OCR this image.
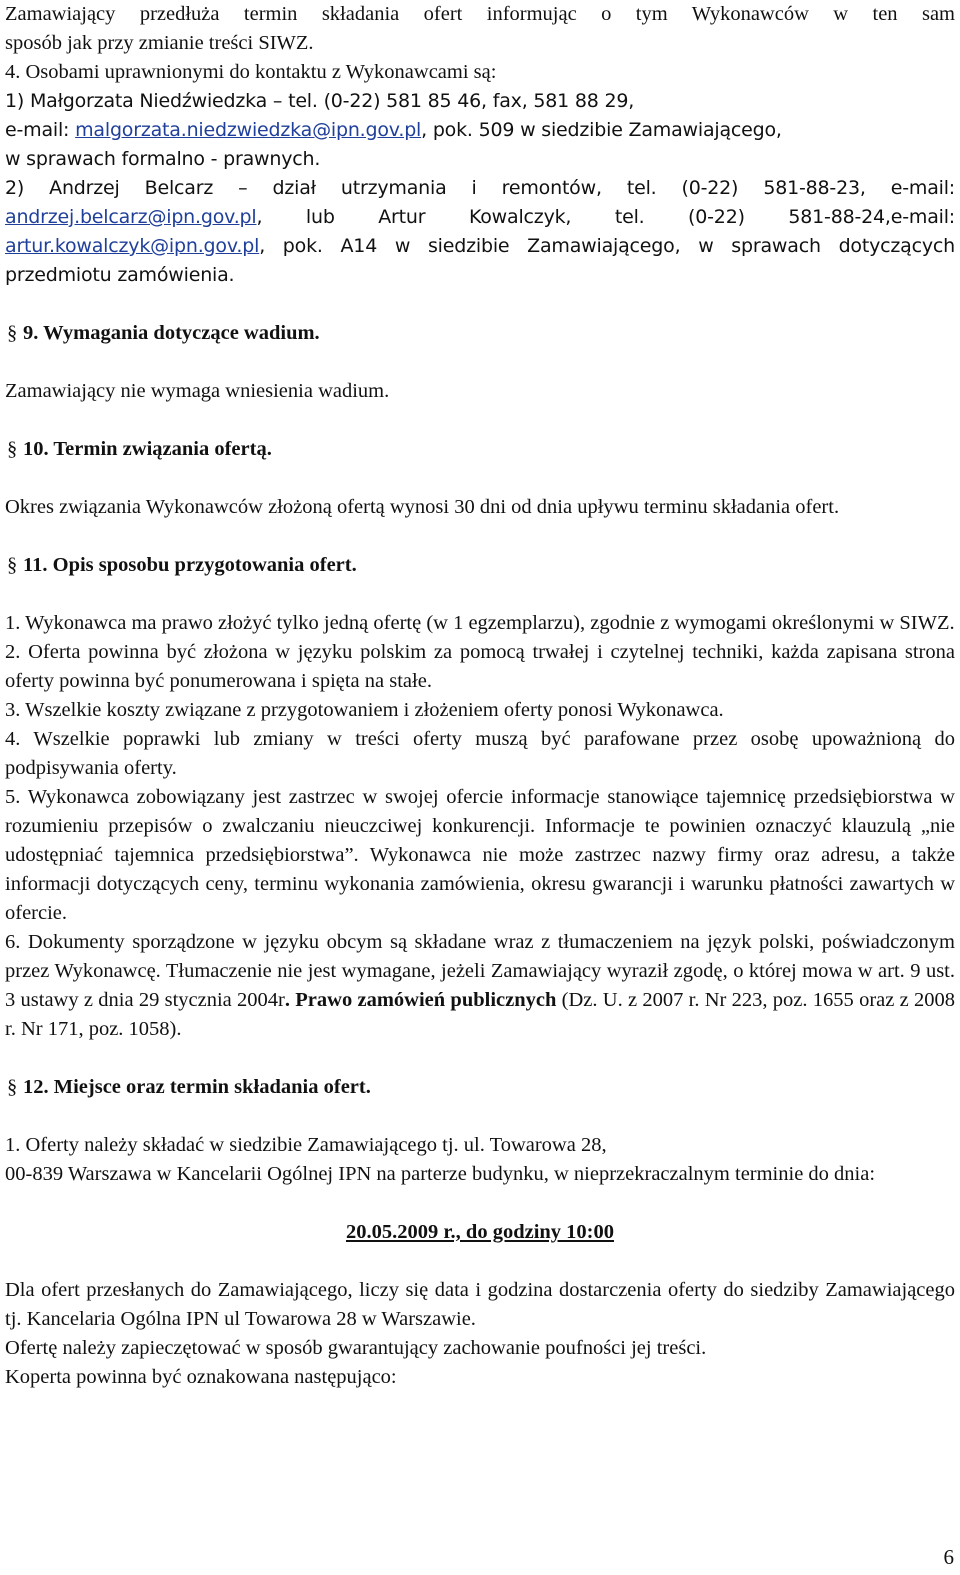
Zamawiający przedłuża termin składania ofert informując o tym Wykonawców w ten sam

sposób jak przy zmianie treści SIWZ.

4. Osobami uprawnionymi do kontaktu z Wykonawcami są:

1) Małgorzata Niedźwiedzka – tel. (0-22) 581 85 46, fax, 581 88 29,

e-mail: malgorzata.niedzwiedzka@ipn.gov.pl, pok. 509 w siedzibie Zamawiającego,

w sprawach formalno - prawnych.

2) Andrzej Belcarz – dział utrzymania i remontów, tel. (0-22) 581-88-23, e-mail: andrzej.belcarz@ipn.gov.pl, lub Artur Kowalczyk, tel. (0-22) 581-88-24,e-mail: artur.kowalczyk@ipn.gov.pl, pok. A14 w siedzibie Zamawiającego, w sprawach dotyczących przedmiotu zamówienia.

§ 9. Wymagania dotyczące wadium.

Zamawiający nie wymaga wniesienia wadium.

§ 10. Termin związania ofertą.

Okres związania Wykonawców złożoną ofertą wynosi 30 dni od dnia upływu terminu składania ofert.

§ 11. Opis sposobu przygotowania ofert.

1. Wykonawca ma prawo złożyć tylko jedną ofertę (w 1 egzemplarzu), zgodnie z wymogami określonymi w SIWZ.

2. Oferta powinna być złożona w języku polskim za pomocą trwałej i czytelnej techniki, każda zapisana strona oferty powinna być ponumerowana i spięta na stałe.

3. Wszelkie koszty związane z przygotowaniem i złożeniem oferty ponosi Wykonawca.

4. Wszelkie poprawki lub zmiany w treści oferty muszą być parafowane przez osobę upoważnioną do podpisywania oferty.

5. Wykonawca zobowiązany jest zastrzec w swojej ofercie informacje stanowiące tajemnicę przedsiębiorstwa w rozumieniu przepisów o zwalczaniu nieuczciwej konkurencji. Informacje te powinien oznaczyć klauzulą „nie udostępniać tajemnica przedsiębiorstwa”. Wykonawca nie może zastrzec nazwy firmy oraz adresu, a także informacji dotyczących ceny, terminu wykonania zamówienia, okresu gwarancji i warunku płatności zawartych w ofercie.

6. Dokumenty sporządzone w języku obcym są składane wraz z tłumaczeniem na język polski, poświadczonym przez Wykonawcę. Tłumaczenie nie jest wymagane, jeżeli Zamawiający wyraził zgodę, o której mowa w art. 9 ust. 3 ustawy z dnia 29 stycznia 2004r. Prawo zamówień publicznych (Dz. U. z 2007 r. Nr 223, poz. 1655 oraz z 2008 r. Nr 171, poz. 1058).

§ 12. Miejsce oraz termin składania ofert.

1. Oferty należy składać w siedzibie Zamawiającego tj. ul. Towarowa 28,

00-839 Warszawa w Kancelarii Ogólnej IPN na parterze budynku, w nieprzekraczalnym terminie do dnia:

20.05.2009 r., do godziny 10:00

Dla ofert przesłanych do Zamawiającego, liczy się data i godzina dostarczenia oferty do siedziby Zamawiającego tj. Kancelaria Ogólna IPN ul Towarowa 28 w Warszawie.

Ofertę należy zapieczętować w sposób gwarantujący zachowanie poufności jej treści.

Koperta powinna być oznakowana następująco:

6
